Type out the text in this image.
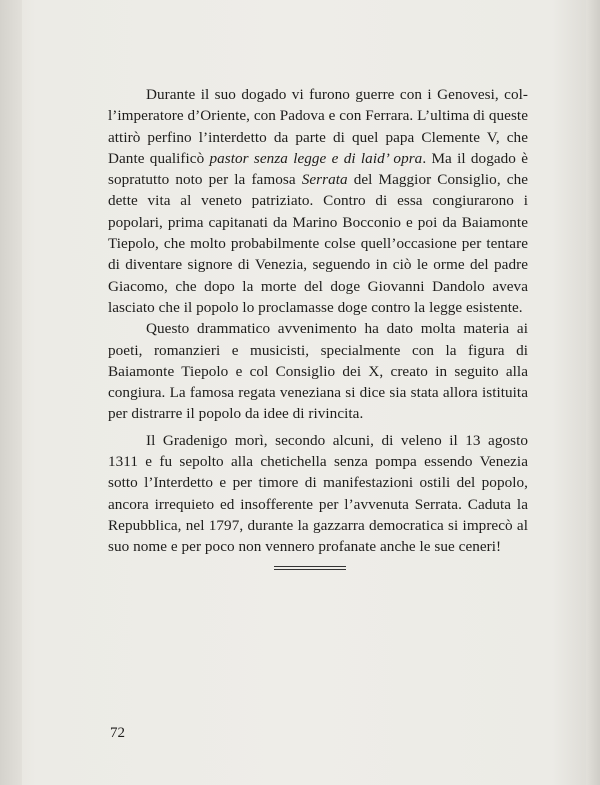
Durante il suo dogado vi furono guerre con i Genovesi, col-l’imperatore d’Oriente, con Padova e con Ferrara. L’ultima di queste attirò perfino l’interdetto da parte di quel papa Clemente V, che Dante qualificò pastor senza legge e di laid’ opra. Ma il dogado è sopratutto noto per la famosa Serrata del Maggior Consiglio, che dette vita al veneto patriziato. Contro di essa congiurarono i popolari, prima capitanati da Marino Bocconio e poi da Baiamonte Tiepolo, che molto probabilmente colse quell’occasione per tentare di diventare signore di Venezia, seguendo in ciò le orme del padre Giacomo, che dopo la morte del doge Giovanni Dandolo aveva lasciato che il popolo lo proclamasse doge contro la legge esistente.

Questo drammatico avvenimento ha dato molta materia ai poeti, romanzieri e musicisti, specialmente con la figura di Baiamonte Tiepolo e col Consiglio dei X, creato in seguito alla congiura. La famosa regata veneziana si dice sia stata allora istituita per distrarre il popolo da idee di rivincita.

Il Gradenigo morì, secondo alcuni, di veleno il 13 agosto 1311 e fu sepolto alla chetichella senza pompa essendo Venezia sotto l’Interdetto e per timore di manifestazioni ostili del popolo, ancora irrequieto ed insofferente per l’avvenuta Serrata. Caduta la Repubblica, nel 1797, durante la gazzarra democratica si imprecò al suo nome e per poco non vennero profanate anche le sue ceneri!

72
